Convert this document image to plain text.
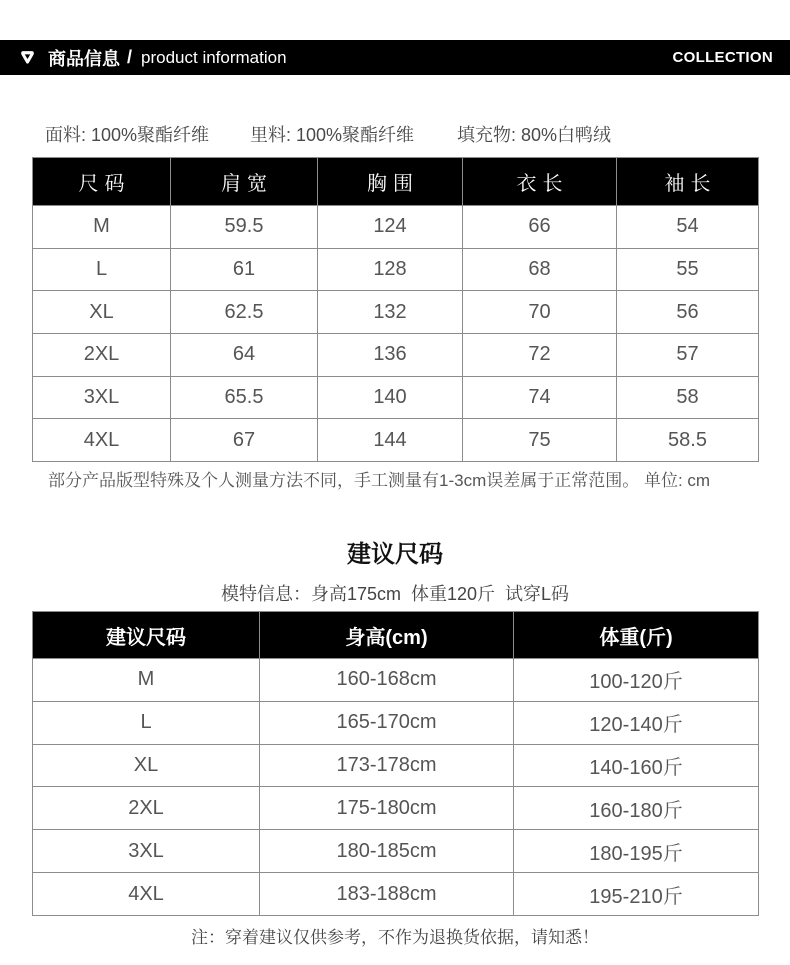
商品信息 / product information	COLLECTION
面料: 100%聚酯纤维 里料: 100%聚酯纤维 填充物: 80%白鸭绒
尺码	肩宽	胸围	衣长	袖长
M	59.5	124	66	54
L	61	128	68	55
XL	62.5	132	70	56
2XL	64	136	72	57
3XL	65.5	140	74	58
4XL	67	144	75	58.5
部分产品版型特殊及个人测量方法不同，手工测量有1-3cm误差属于正常范围。 单位: cm
建议尺码
模特信息：身高175cm  体重120斤  试穿L码
建议尺码	身高(cm)	体重(斤)
M	160-168cm	100-120斤
L	165-170cm	120-140斤
XL	173-178cm	140-160斤
2XL	175-180cm	160-180斤
3XL	180-185cm	180-195斤
4XL	183-188cm	195-210斤
注：穿着建议仅供参考，不作为退换货依据，请知悉！
